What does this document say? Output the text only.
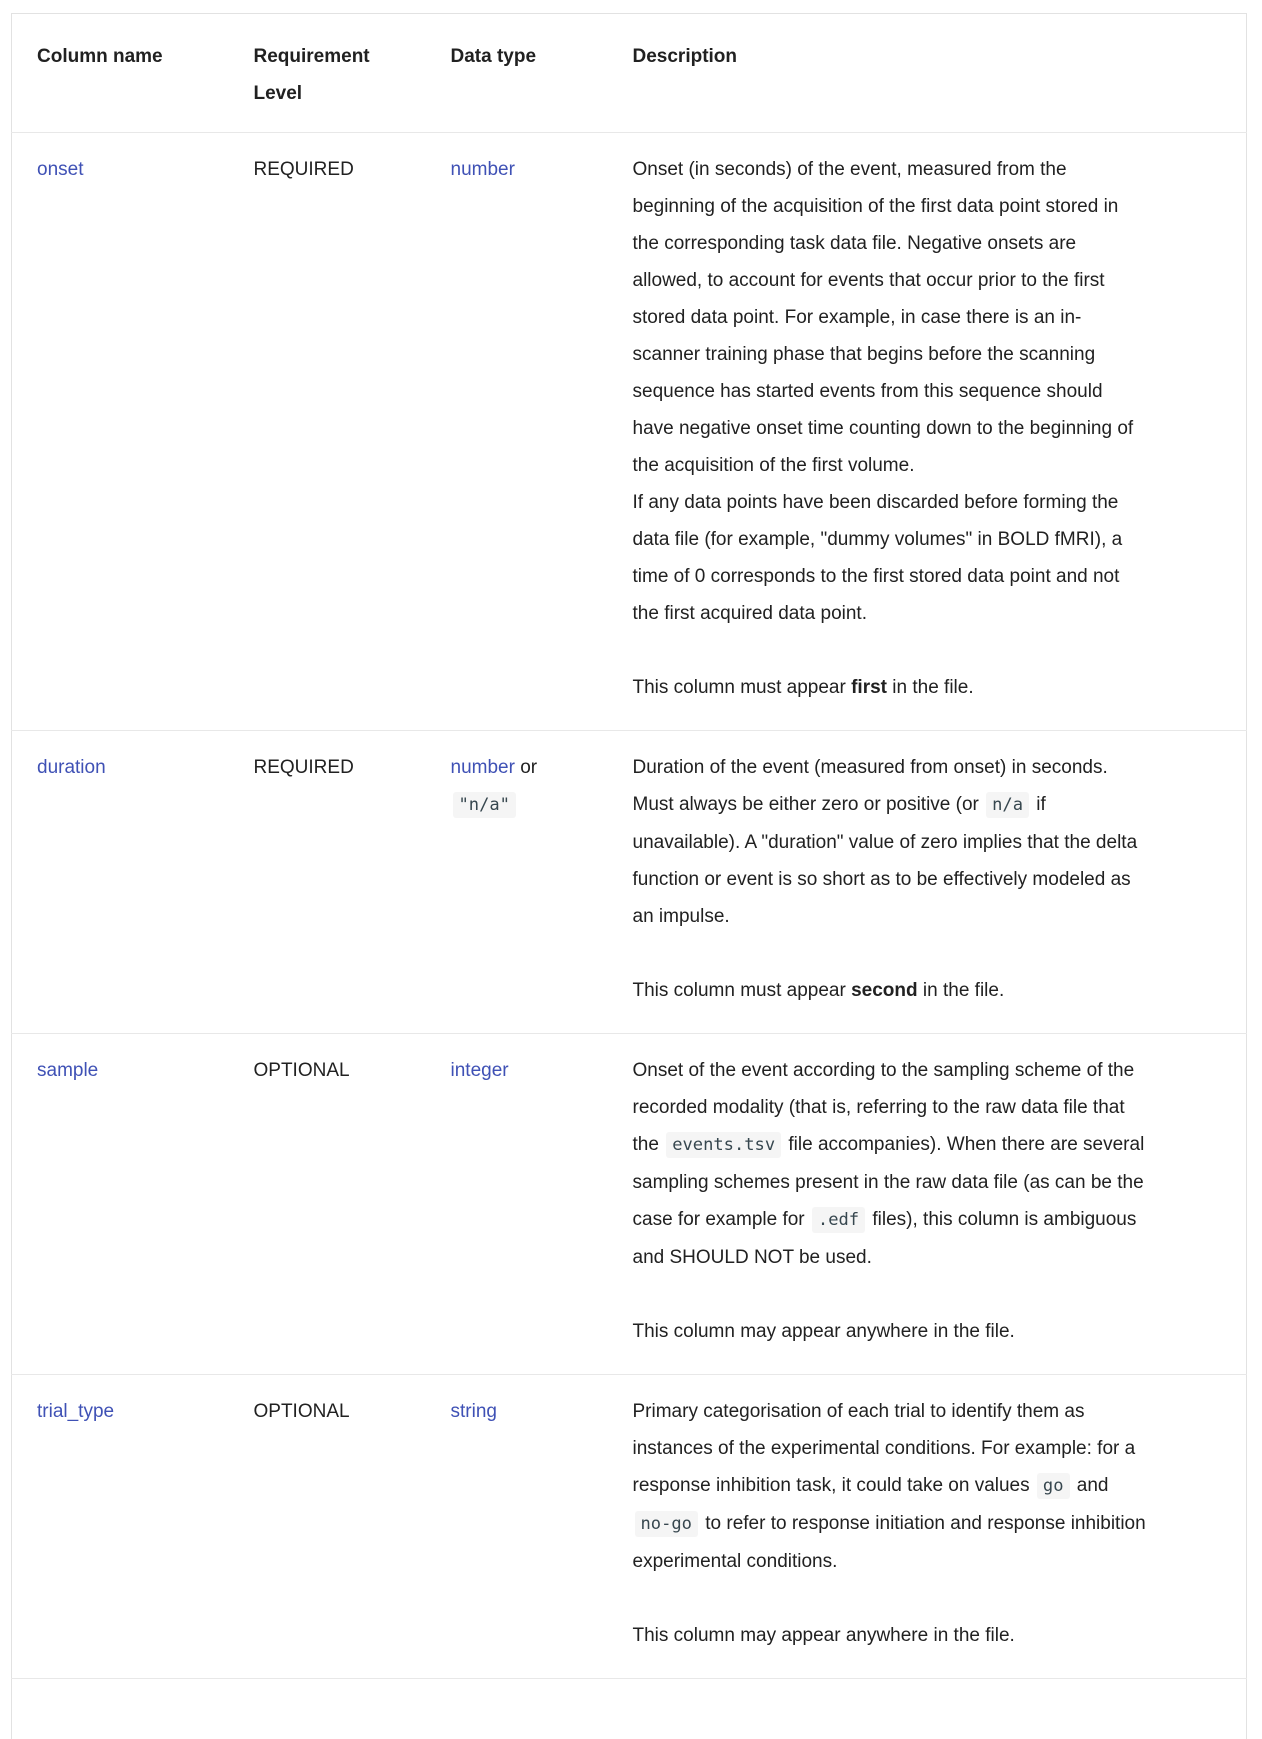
Column name	Requirement Level	Data type	Description
onset	REQUIRED	number	Onset (in seconds) of the event, measured from the beginning of the acquisition of the first data point stored in the corresponding task data file. Negative onsets are allowed, to account for events that occur prior to the first stored data point. For example, in case there is an in-scanner training phase that begins before the scanning sequence has started events from this sequence should have negative onset time counting down to the beginning of the acquisition of the first volume.
If any data points have been discarded before forming the data file (for example, "dummy volumes" in BOLD fMRI), a time of 0 corresponds to the first stored data point and not the first acquired data point.

This column must appear first in the file.

duration	REQUIRED	number or "n/a"	Duration of the event (measured from onset) in seconds. Must always be either zero or positive (or n/a if unavailable). A "duration" value of zero implies that the delta function or event is so short as to be effectively modeled as an impulse.

This column must appear second in the file.

sample	OPTIONAL	integer	Onset of the event according to the sampling scheme of the recorded modality (that is, referring to the raw data file that the events.tsv file accompanies). When there are several sampling schemes present in the raw data file (as can be the case for example for .edf files), this column is ambiguous and SHOULD NOT be used.

This column may appear anywhere in the file.

trial_type	OPTIONAL	string	Primary categorisation of each trial to identify them as instances of the experimental conditions. For example: for a response inhibition task, it could take on values go and no-go to refer to response initiation and response inhibition experimental conditions.

This column may appear anywhere in the file.
